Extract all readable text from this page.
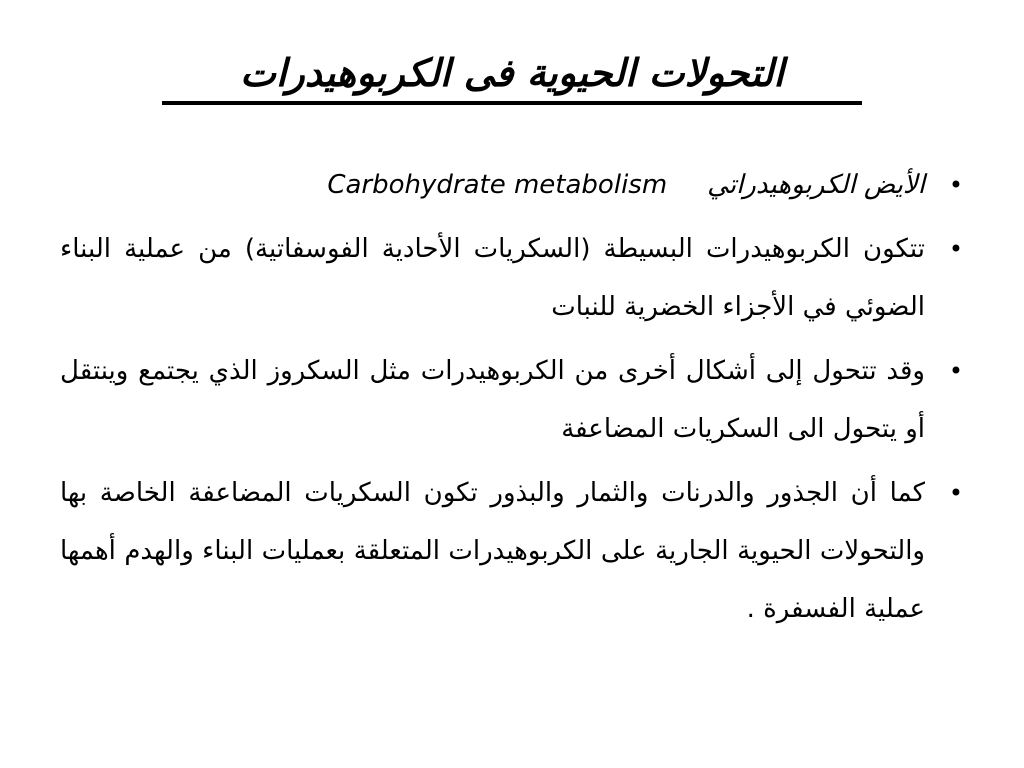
التحولات الحيوية فى الكربوهيدرات
•
الأيض الكربوهيدراتي
Carbohydrate metabolism
•
تتكون الكربوهيدرات البسيطة (السكريات الأحادية الفوسفاتية) من عملية البناء الضوئي في الأجزاء الخضرية للنبات
•
وقد تتحول إلى أشكال أخرى من الكربوهيدرات مثل السكروز الذي يجتمع وينتقل أو يتحول الى السكريات المضاعفة
•
كما أن الجذور والدرنات والثمار والبذور تكون السكريات المضاعفة الخاصة بها والتحولات الحيوية الجارية على الكربوهيدرات المتعلقة بعمليات البناء والهدم أهمها عملية الفسفرة .
